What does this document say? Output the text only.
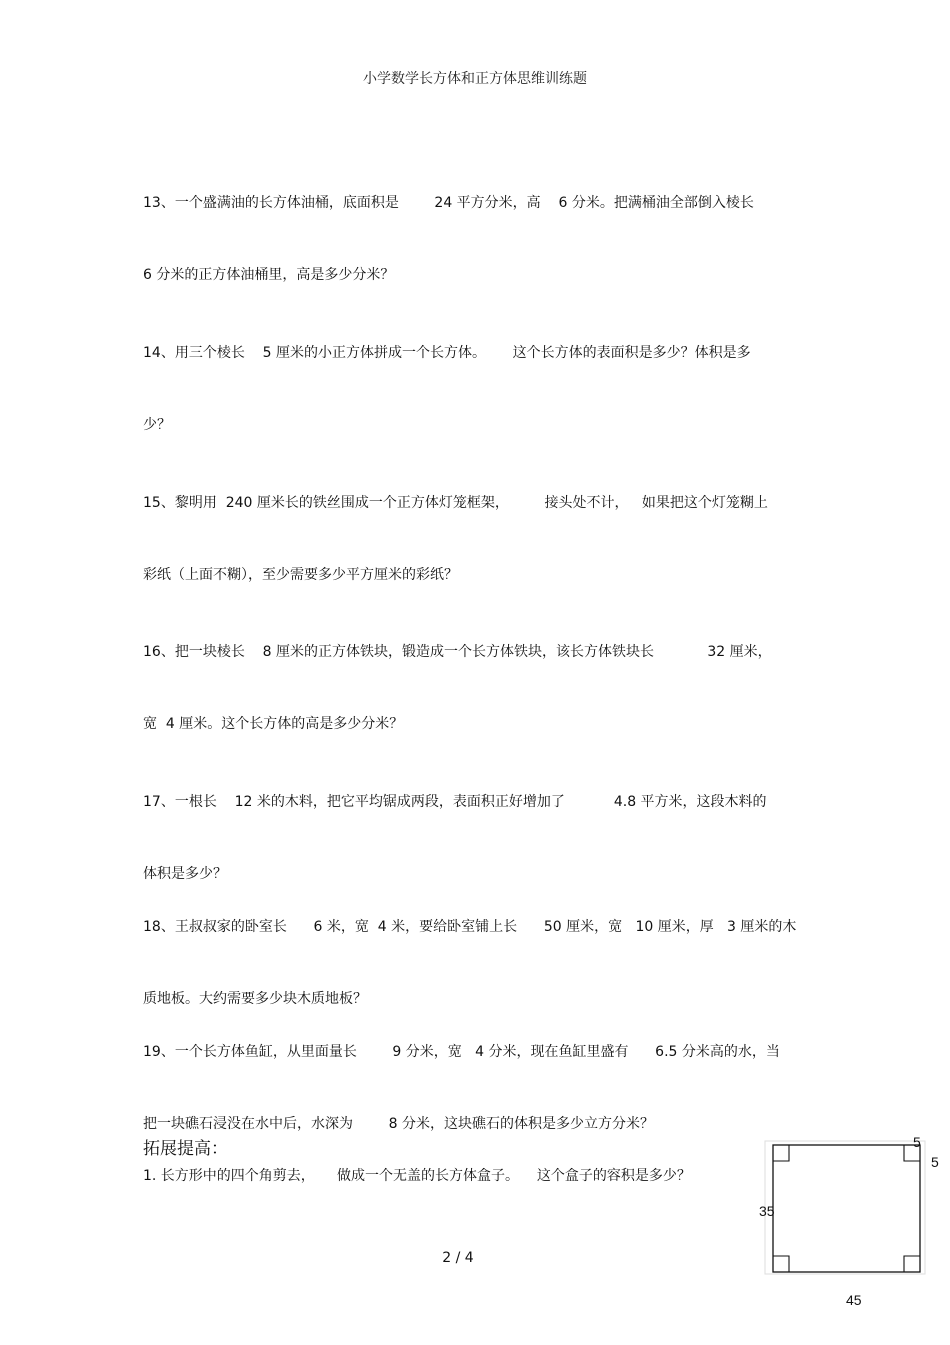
小学数学长方体和正方体思维训练题

13、一个盛满油的长方体油桶，底面积是        24 平方分米，高    6 分米。把满桶油全部倒入棱长

6 分米的正方体油桶里，高是多少分米？

14、用三个棱长    5 厘米的小正方体拼成一个长方体。      这个长方体的表面积是多少？体积是多

少？

15、黎明用  240 厘米长的铁丝围成一个正方体灯笼框架，        接头处不计，   如果把这个灯笼糊上

彩纸（上面不糊），至少需要多少平方厘米的彩纸？

16、把一块棱长    8 厘米的正方体铁块，锻造成一个长方体铁块，该长方体铁块长            32 厘米，

宽  4 厘米。这个长方体的高是多少分米？

17、一根长    12 米的木料，把它平均锯成两段，表面积正好增加了           4.8 平方米，这段木料的

体积是多少？

18、王叔叔家的卧室长      6 米，宽  4 米，要给卧室铺上长      50 厘米，宽   10 厘米，厚   3 厘米的木

质地板。大约需要多少块木质地板？

19、一个长方体鱼缸，从里面量长        9 分米，宽   4 分米，现在鱼缸里盛有      6.5 分米高的水，当

把一块礁石浸没在水中后，水深为        8 分米，这块礁石的体积是多少立方分米？

拓展提高：
1. 长方形中的四个角剪去，     做成一个无盖的长方体盒子。    这个盒子的容积是多少？
5
5
35
45
2 / 4
